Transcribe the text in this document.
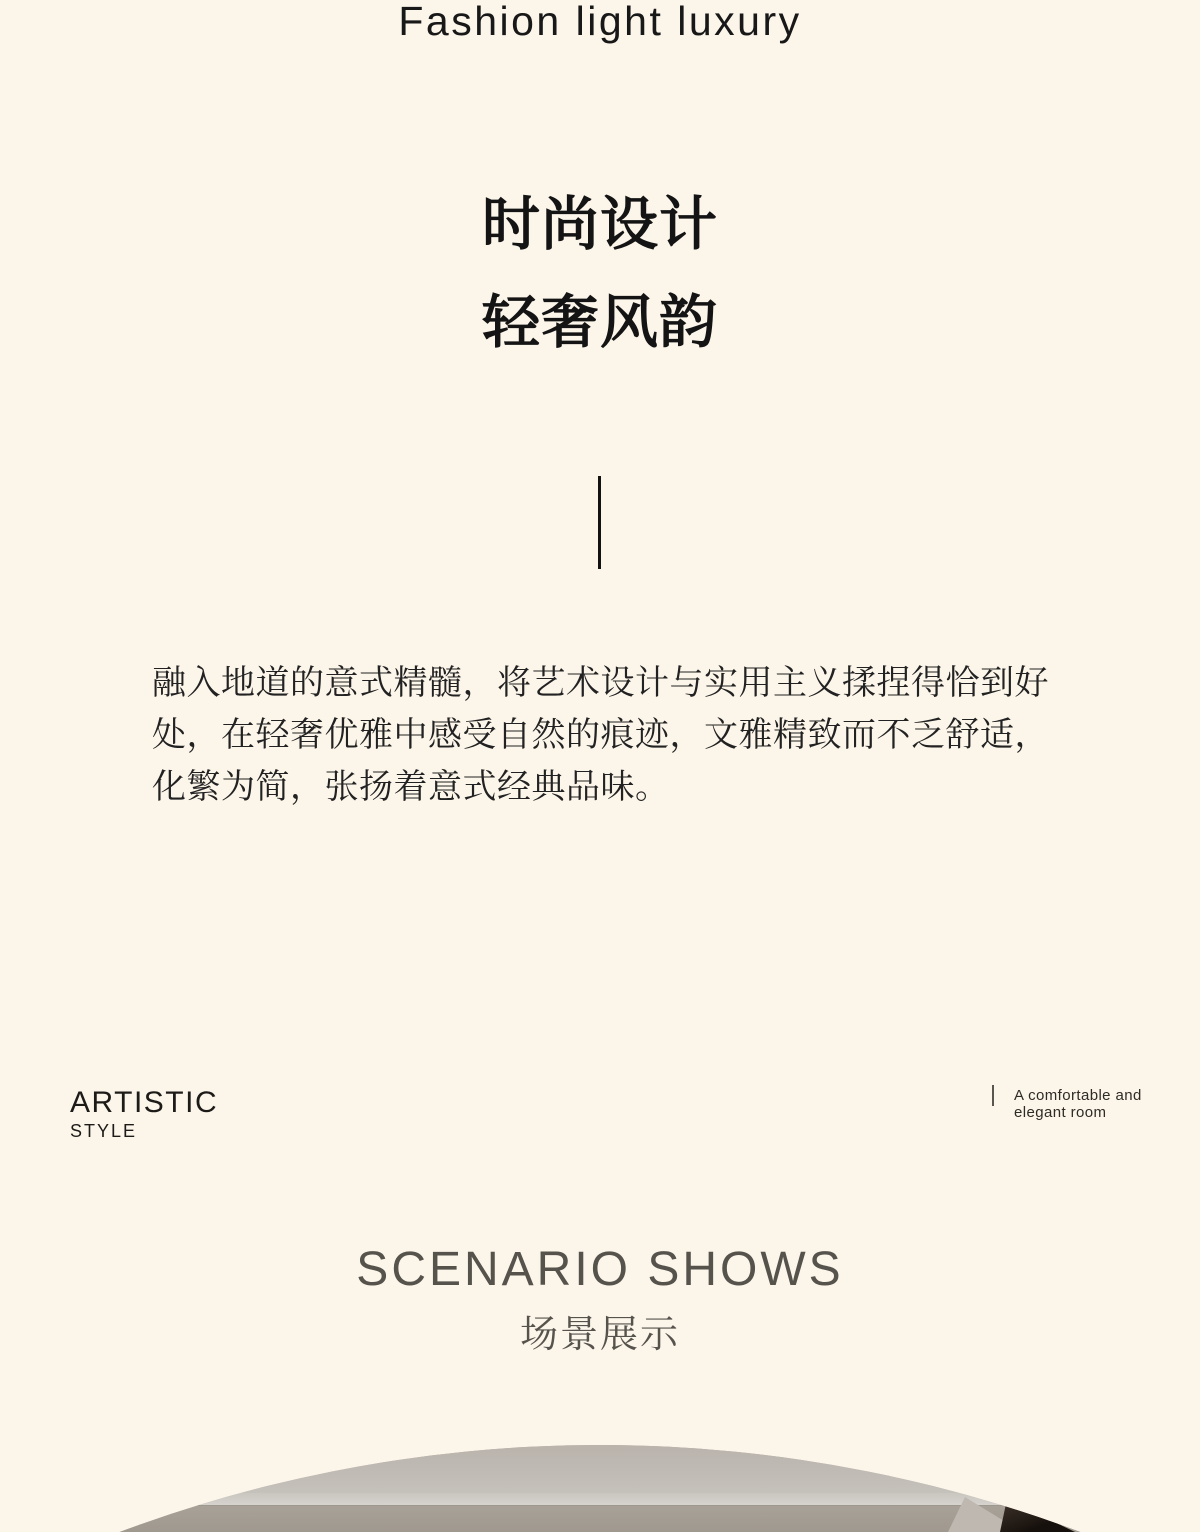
Fashion light luxury
时尚设计
轻奢风韵
融入地道的意式精髓，将艺术设计与实用主义揉捏得恰到好处，在轻奢优雅中感受自然的痕迹，文雅精致而不乏舒适，化繁为简，张扬着意式经典品味。
ARTISTIC
STYLE
A comfortable and
elegant room
SCENARIO SHOWS
场景展示
